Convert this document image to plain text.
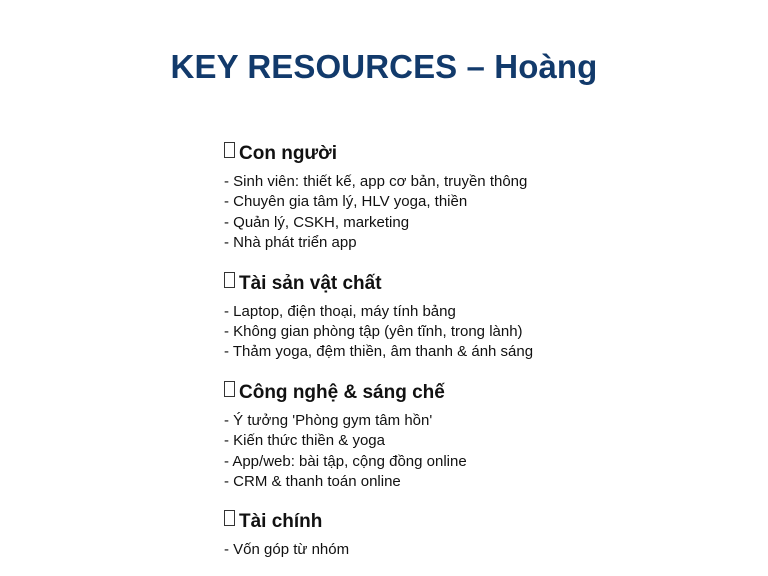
KEY RESOURCES – Hoàng
Con người
- Sinh viên: thiết kế, app cơ bản, truyền thông
- Chuyên gia tâm lý, HLV yoga, thiền
- Quản lý, CSKH, marketing
- Nhà phát triển app
Tài sản vật chất
- Laptop, điện thoại, máy tính bảng
- Không gian phòng tập (yên tĩnh, trong lành)
- Thảm yoga, đệm thiền, âm thanh & ánh sáng
Công nghệ & sáng chế
- Ý tưởng 'Phòng gym tâm hồn'
- Kiến thức thiền & yoga
- App/web: bài tập, cộng đồng online
- CRM & thanh toán online
Tài chính
- Vốn góp từ nhóm
